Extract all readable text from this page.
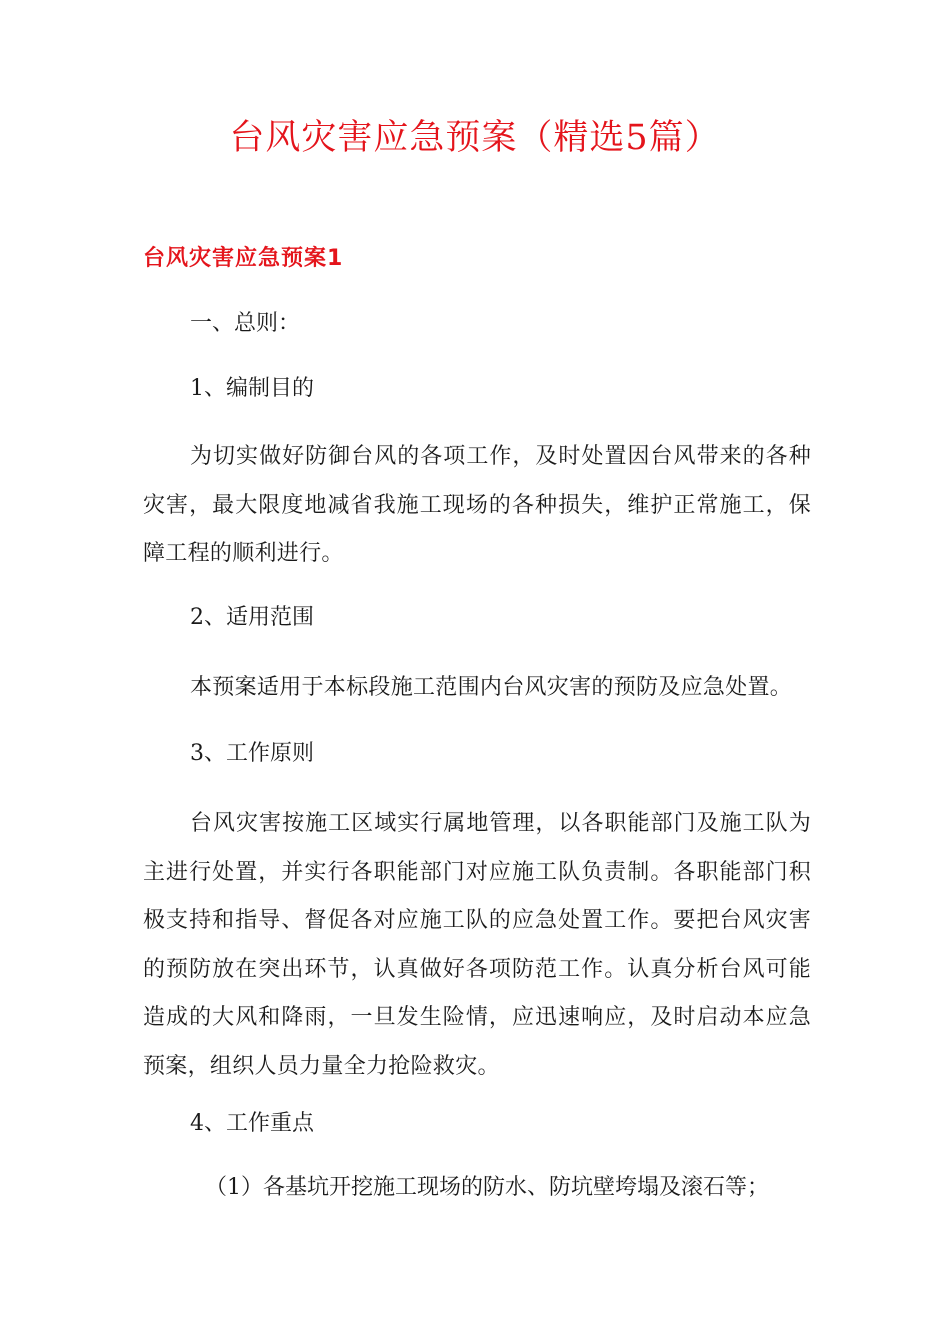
台风灾害应急预案（精选5篇）
台风灾害应急预案1
一、总则：
1、编制目的
为切实做好防御台风的各项工作，及时处置因台风带来的各种灾害，最大限度地减省我施工现场的各种损失，维护正常施工，保障工程的顺利进行。
2、适用范围
本预案适用于本标段施工范围内台风灾害的预防及应急处置。
3、工作原则
台风灾害按施工区域实行属地管理，以各职能部门及施工队为主进行处置，并实行各职能部门对应施工队负责制。各职能部门积极支持和指导、督促各对应施工队的应急处置工作。要把台风灾害的预防放在突出环节，认真做好各项防范工作。认真分析台风可能造成的大风和降雨，一旦发生险情，应迅速响应，及时启动本应急预案，组织人员力量全力抢险救灾。
4、工作重点
（1）各基坑开挖施工现场的防水、防坑壁垮塌及滚石等；
